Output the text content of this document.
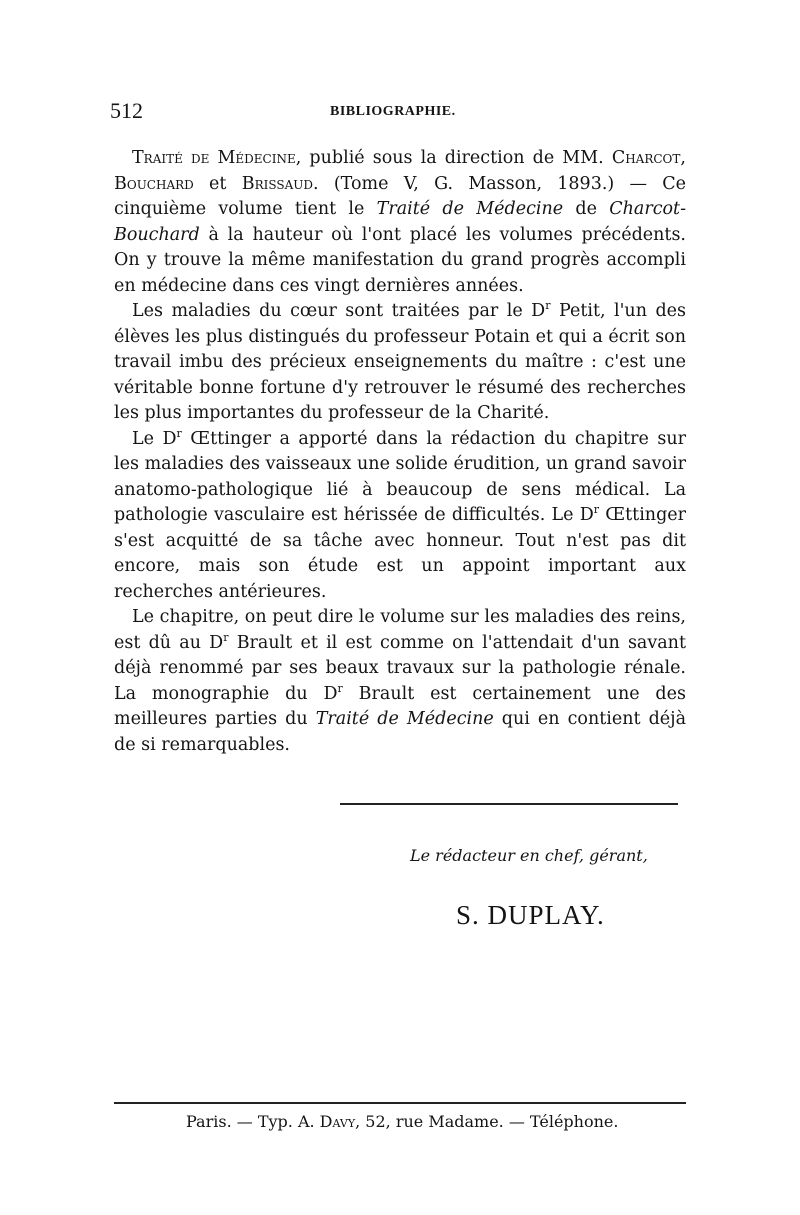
512	BIBLIOGRAPHIE.

Traité de Médecine, publié sous la direction de MM. Charcot, Bouchard et Brissaud. (Tome V, G. Masson, 1893.) — Ce cinquième volume tient le Traité de Médecine de Charcot-Bouchard à la hauteur où l'ont placé les volumes précédents. On y trouve la même manifestation du grand progrès accompli en médecine dans ces vingt dernières années.

Les maladies du cœur sont traitées par le $D^r$ Petit, l'un des élèves les plus distingués du professeur Potain et qui a écrit son travail imbu des précieux enseignements du maître : c'est une véritable bonne fortune d'y retrouver le résumé des recherches les plus importantes du professeur de la Charité.

Le $D^r$ Œttinger a apporté dans la rédaction du chapitre sur les maladies des vaisseaux une solide érudition, un grand savoir anatomo-pathologique lié à beaucoup de sens médical. La pathologie vasculaire est hérissée de difficultés. Le $D^r$ Œttinger s'est acquitté de sa tâche avec honneur. Tout n'est pas dit encore, mais son étude est un appoint important aux recherches antérieures.

Le chapitre, on peut dire le volume sur les maladies des reins, est dû au $D^r$ Brault et il est comme on l'attendait d'un savant déjà renommé par ses beaux travaux sur la pathologie rénale. La monographie du $D^r$ Brault est certainement une des meilleures parties du Traité de Médecine qui en contient déjà de si remarquables.

Le rédacteur en chef, gérant,
S. DUPLAY.
Paris. — Typ. A. Davy, 52, rue Madame. — Téléphone.
